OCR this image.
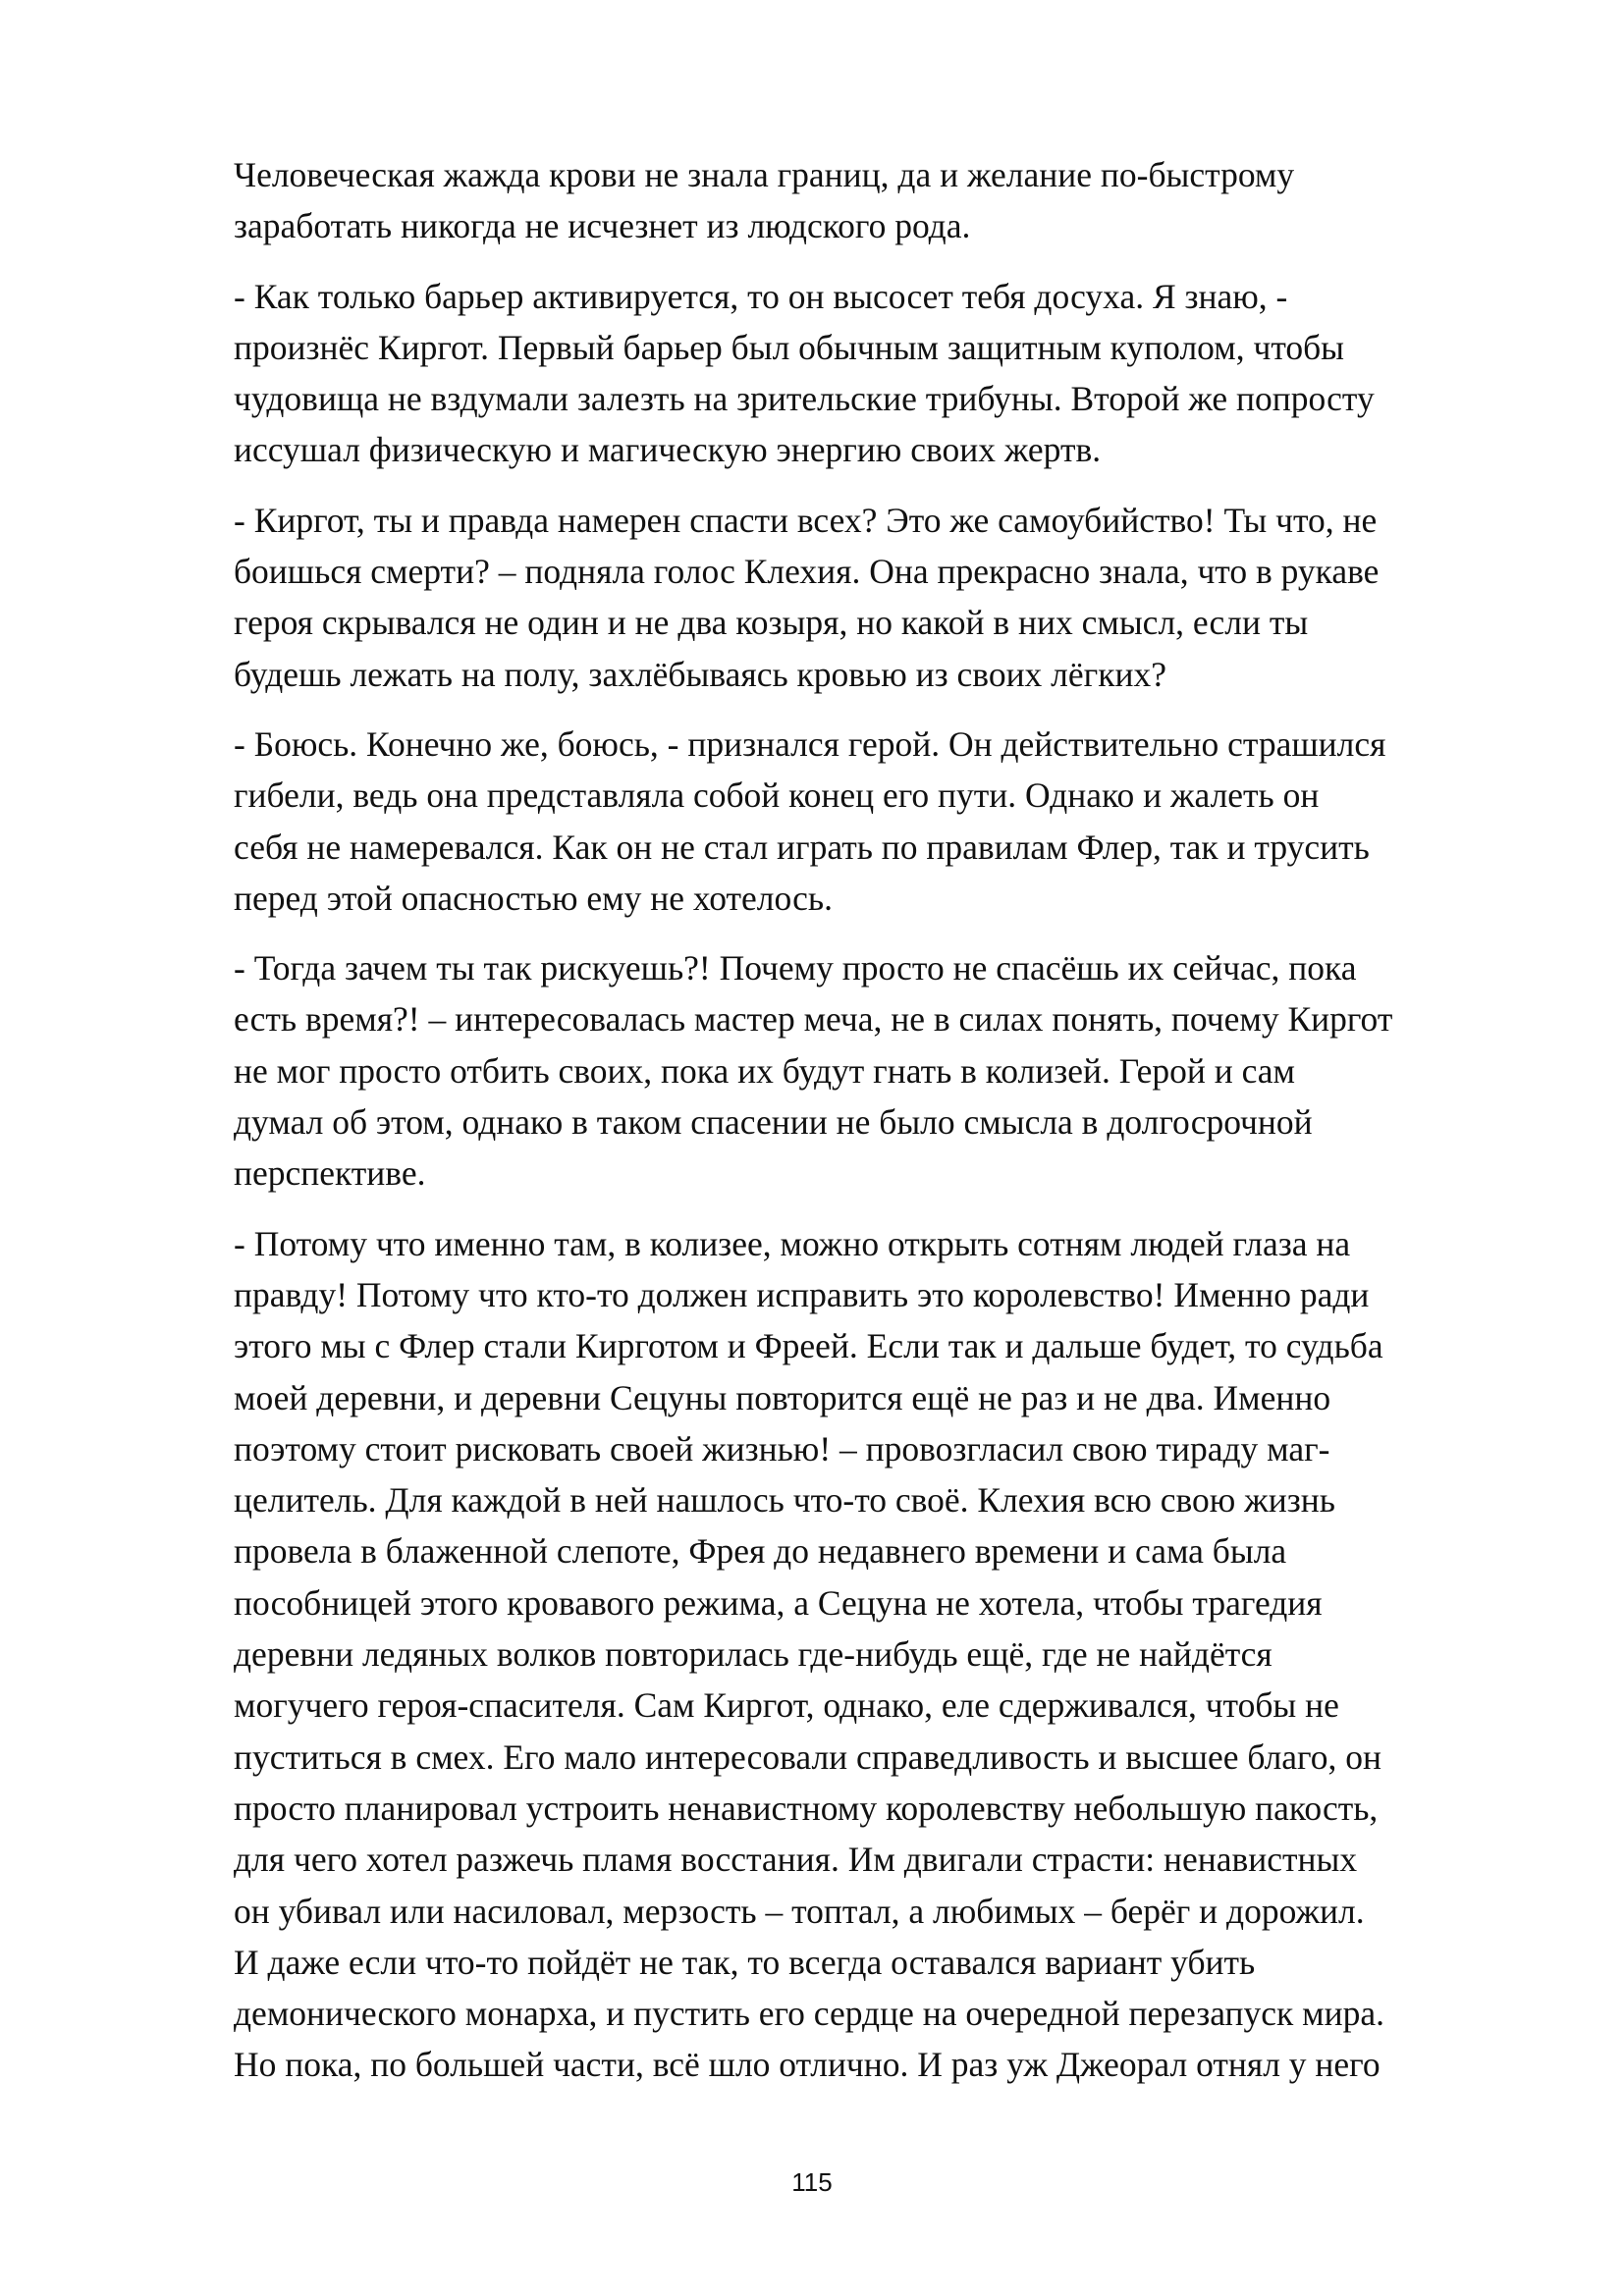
Человеческая жажда крови не знала границ, да и желание по-быстрому
заработать никогда не исчезнет из людского рода.

- Как только барьер активируется, то он высосет тебя досуха. Я знаю, -
произнёс Киргот. Первый барьер был обычным защитным куполом, чтобы
чудовища не вздумали залезть на зрительские трибуны. Второй же попросту
иссушал физическую и магическую энергию своих жертв.

- Киргот, ты и правда намерен спасти всех? Это же самоубийство! Ты что, не
боишься смерти? – подняла голос Клехия. Она прекрасно знала, что в рукаве
героя скрывался не один и не два козыря, но какой в них смысл, если ты
будешь лежать на полу, захлёбываясь кровью из своих лёгких?

- Боюсь. Конечно же, боюсь, - признался герой. Он действительно страшился
гибели, ведь она представляла собой конец его пути. Однако и жалеть он
себя не намеревался. Как он не стал играть по правилам Флер, так и трусить
перед этой опасностью ему не хотелось.

- Тогда зачем ты так рискуешь?! Почему просто не спасёшь их сейчас, пока
есть время?! – интересовалась мастер меча, не в силах понять, почему Киргот
не мог просто отбить своих, пока их будут гнать в колизей. Герой и сам
думал об этом, однако в таком спасении не было смысла в долгосрочной
перспективе.

- Потому что именно там, в колизее, можно открыть сотням людей глаза на
правду! Потому что кто-то должен исправить это королевство! Именно ради
этого мы с Флер стали Кирготом и Фреей. Если так и дальше будет, то судьба
моей деревни, и деревни Сецуны повторится ещё не раз и не два. Именно
поэтому стоит рисковать своей жизнью! – провозгласил свою тираду маг-
целитель. Для каждой в ней нашлось что-то своё. Клехия всю свою жизнь
провела в блаженной слепоте, Фрея до недавнего времени и сама была
пособницей этого кровавого режима, а Сецуна не хотела, чтобы трагедия
деревни ледяных волков повторилась где-нибудь ещё, где не найдётся
могучего героя-спасителя. Сам Киргот, однако, еле сдерживался, чтобы не
пуститься в смех. Его мало интересовали справедливость и высшее благо, он
просто планировал устроить ненавистному королевству небольшую пакость,
для чего хотел разжечь пламя восстания. Им двигали страсти: ненавистных
он убивал или насиловал, мерзость – топтал, а любимых – берёг и дорожил.
И даже если что-то пойдёт не так, то всегда оставался вариант убить
демонического монарха, и пустить его сердце на очередной перезапуск мира.
Но пока, по большей части, всё шло отлично. И раз уж Джеорал отнял у него

115
